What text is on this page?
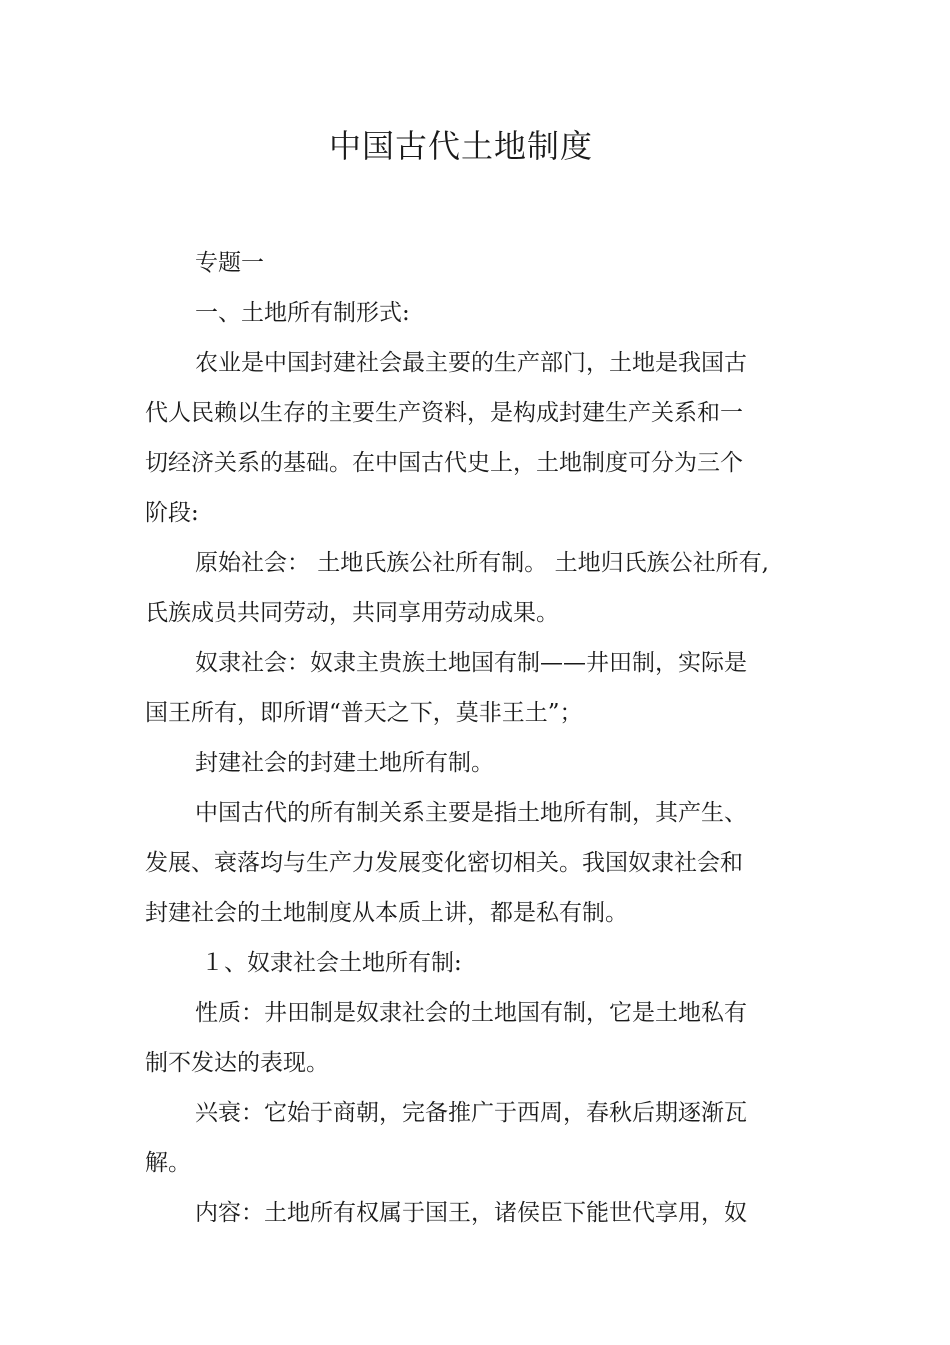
中国古代土地制度
专题一
一、土地所有制形式:
农业是中国封建社会最主要的生产部门，土地是我国古
代人民赖以生存的主要生产资料，是构成封建生产关系和一
切经济关系的基础。在中国古代史上，土地制度可分为三个
阶段:
原始社会： 土地氏族公社所有制。 土地归氏族公社所有,
氏族成员共同劳动，共同享用劳动成果。
奴隶社会：奴隶主贵族土地国有制——井田制，实际是
国王所有，即所谓“普天之下，莫非王土”；
封建社会的封建土地所有制。
中国古代的所有制关系主要是指土地所有制，其产生、
发展、衰落均与生产力发展变化密切相关。我国奴隶社会和
封建社会的土地制度从本质上讲，都是私有制。
１、奴隶社会土地所有制:
性质：井田制是奴隶社会的土地国有制，它是土地私有
制不发达的表现。
兴衰：它始于商朝，完备推广于西周，春秋后期逐渐瓦
解。
内容：土地所有权属于国王，诸侯臣下能世代享用，奴
